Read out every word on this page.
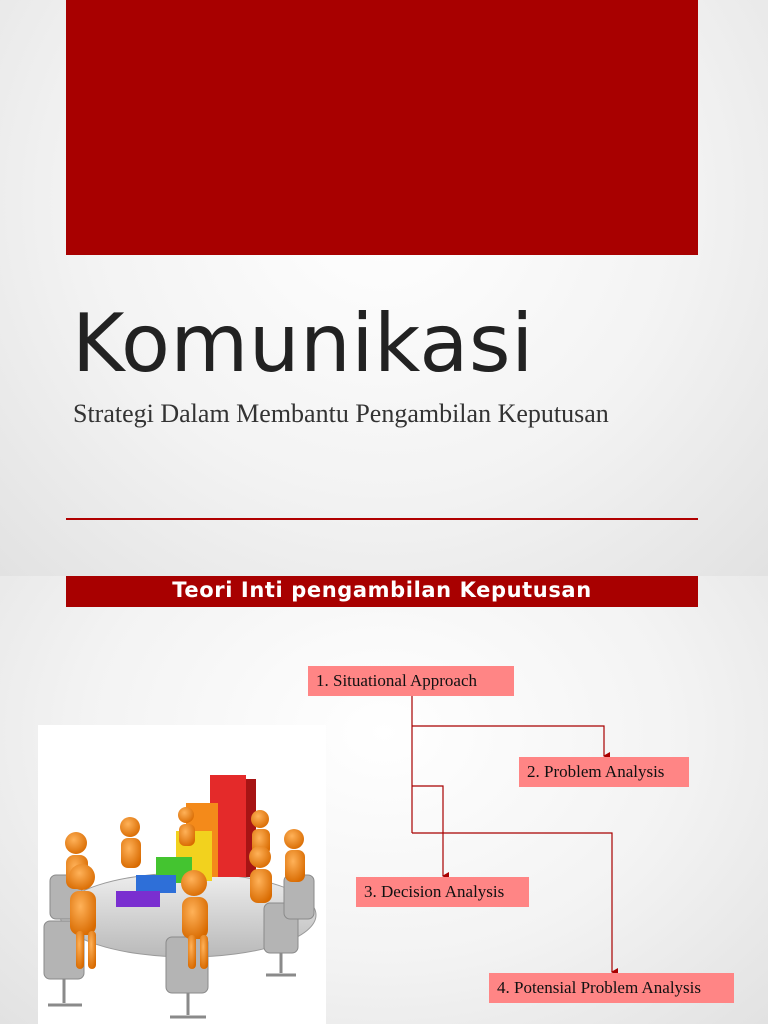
Komunikasi
Strategi Dalam Membantu Pengambilan Keputusan
Teori Inti pengambilan Keputusan
1. Situational Approach
2. Problem Analysis
3. Decision Analysis
4. Potensial Problem Analysis
